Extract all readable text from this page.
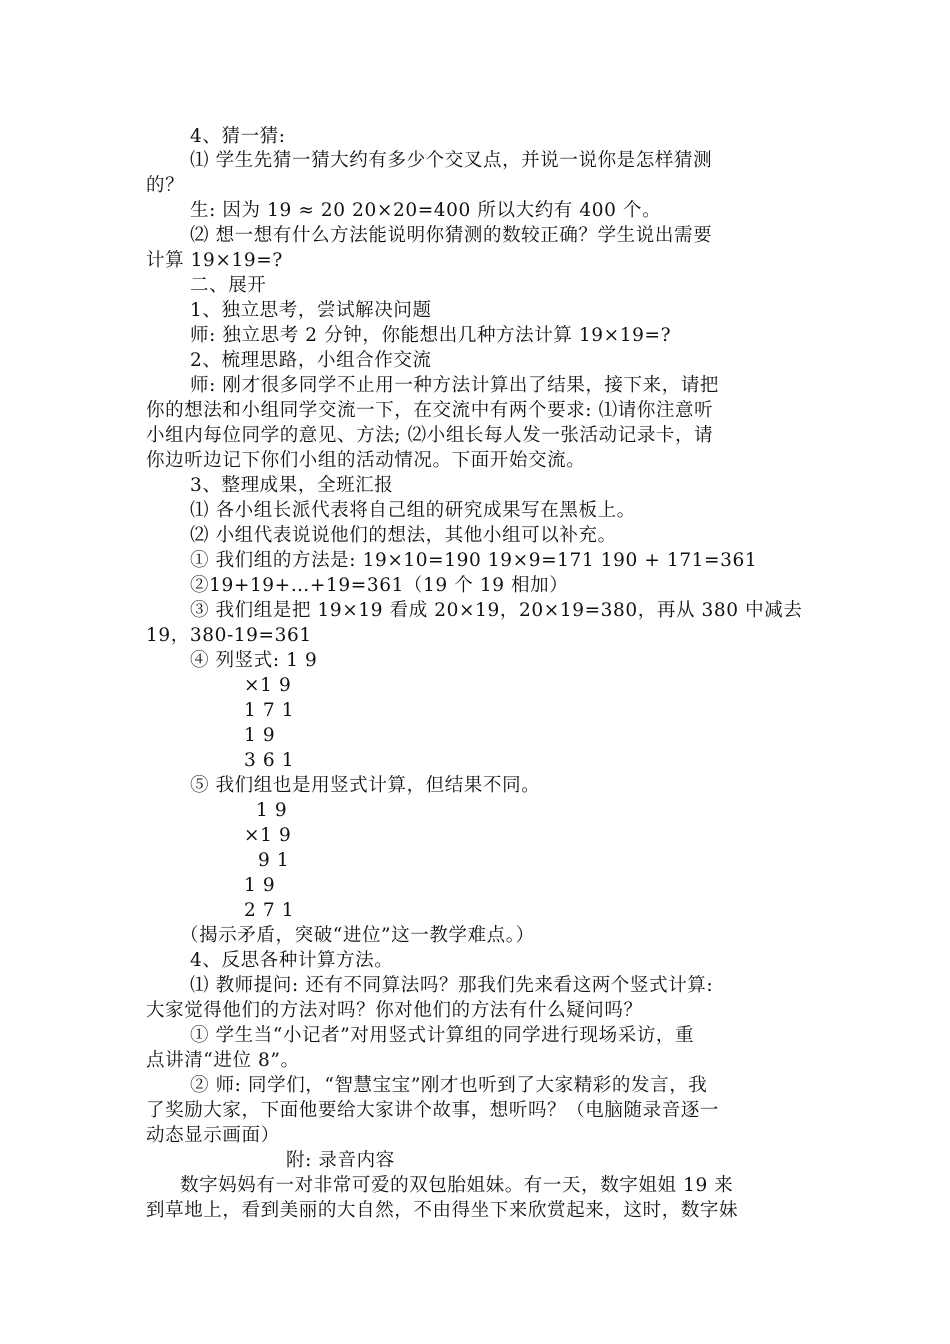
4、猜一猜:
⑴ 学生先猜一猜大约有多少个交叉点，并说一说你是怎样猜测
的？
生: 因为 19 ≈ 20 20×20=400 所以大约有 400 个。
⑵ 想一想有什么方法能说明你猜测的数较正确？学生说出需要
计算 19×19=?
二、展开
1、独立思考，尝试解决问题
师: 独立思考 2 分钟，你能想出几种方法计算 19×19=?
2、梳理思路，小组合作交流
师: 刚才很多同学不止用一种方法计算出了结果，接下来，请把
你的想法和小组同学交流一下，在交流中有两个要求: ⑴请你注意听
小组内每位同学的意见、方法; ⑵小组长每人发一张活动记录卡，请
你边听边记下你们小组的活动情况。下面开始交流。
3、整理成果，全班汇报
⑴ 各小组长派代表将自己组的研究成果写在黑板上。
⑵ 小组代表说说他们的想法，其他小组可以补充。
① 我们组的方法是: 19×10=190 19×9=171 190 + 171=361
②19+19+…+19=361（19 个 19 相加）
③ 我们组是把 19×19 看成 20×19，20×19=380，再从 380 中减去
19，380-19=361
④ 列竖式: 1 9
×1 9
1 7 1
1 9
3 6 1
⑤ 我们组也是用竖式计算，但结果不同。
1 9
×1 9
9 1
1 9
2 7 1
（揭示矛盾，突破“进位”这一教学难点。）
4、反思各种计算方法。
⑴ 教师提问: 还有不同算法吗？那我们先来看这两个竖式计算:
大家觉得他们的方法对吗？你对他们的方法有什么疑问吗？
① 学生当“小记者”对用竖式计算组的同学进行现场采访，重
点讲清“进位 8”。
② 师: 同学们，“智慧宝宝”刚才也听到了大家精彩的发言，我
了奖励大家，下面他要给大家讲个故事，想听吗？（电脑随录音逐一
动态显示画面）
附: 录音内容
数字妈妈有一对非常可爱的双包胎姐妹。有一天，数字姐姐 19 来
到草地上，看到美丽的大自然，不由得坐下来欣赏起来，这时，数字妹
